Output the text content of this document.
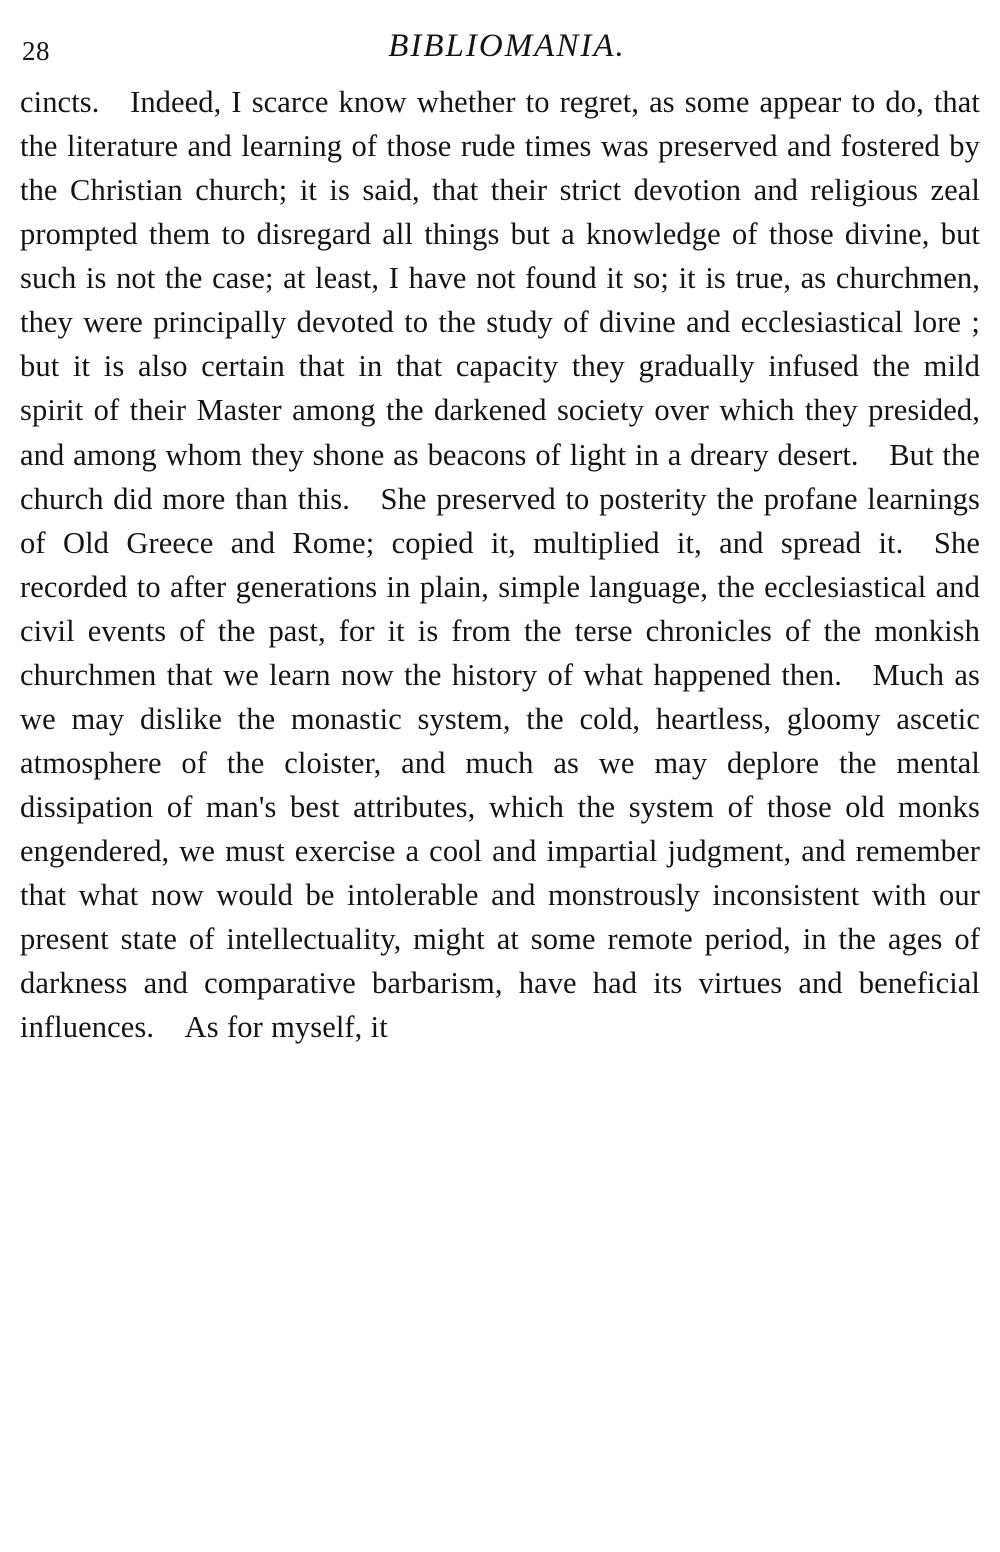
28	BIBLIOMANIA.

cincts. Indeed, I scarce know whether to regret, as some appear to do, that the literature and learning of those rude times was preserved and fostered by the Christian church; it is said, that their strict devotion and religious zeal prompted them to disregard all things but a knowledge of those divine, but such is not the case; at least, I have not found it so; it is true, as churchmen, they were principally devoted to the study of divine and ecclesiastical lore ; but it is also certain that in that capacity they gradually infused the mild spirit of their Master among the darkened society over which they presided, and among whom they shone as beacons of light in a dreary desert. But the church did more than this. She preserved to posterity the profane learnings of Old Greece and Rome; copied it, multiplied it, and spread it. She recorded to after generations in plain, simple language, the ecclesiastical and civil events of the past, for it is from the terse chronicles of the monkish churchmen that we learn now the history of what happened then. Much as we may dislike the monastic system, the cold, heartless, gloomy ascetic atmosphere of the cloister, and much as we may deplore the mental dissipation of man's best attributes, which the system of those old monks engendered, we must exercise a cool and impartial judgment, and remember that what now would be intolerable and monstrously inconsistent with our present state of intellectuality, might at some remote period, in the ages of darkness and comparative barbarism, have had its virtues and beneficial influences. As for myself, it
